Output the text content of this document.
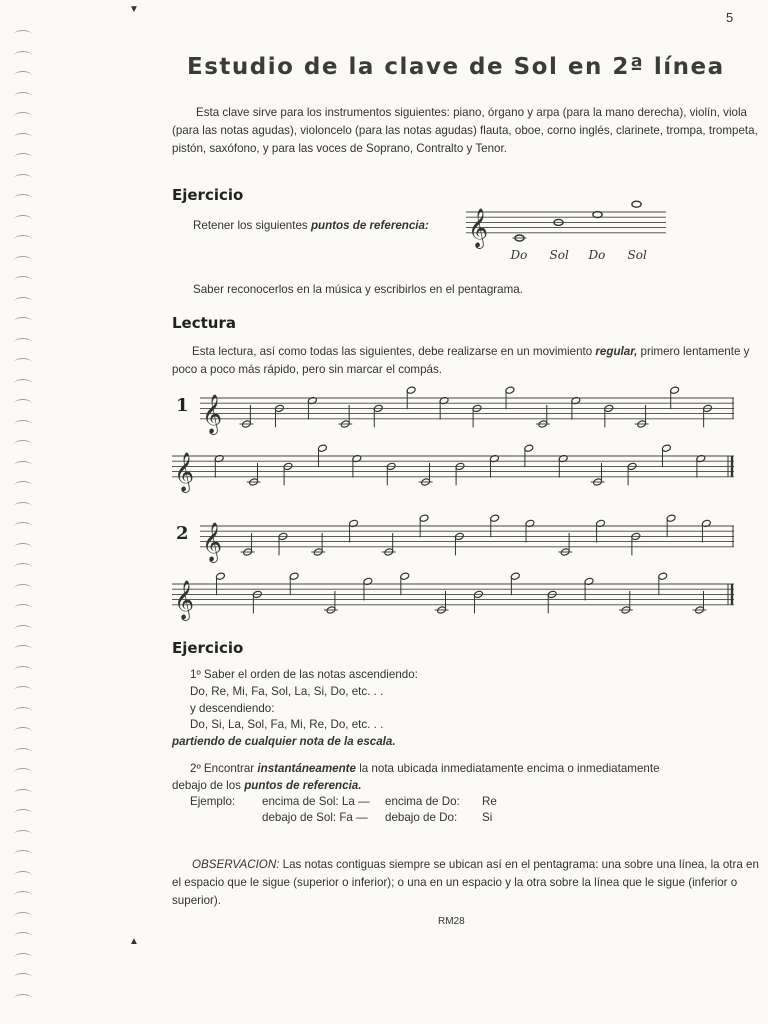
5
▼
Estudio de la clave de Sol en 2ª línea
Esta clave sirve para los instrumentos siguientes: piano, órgano y arpa (para la mano derecha), violín, viola (para las notas agudas), violoncelo (para las notas agudas) flauta, oboe, corno inglés, clarinete, trompa, trompeta, pistón, saxófono, y para las voces de Soprano, Contralto y Tenor.
Ejercicio
Retener los siguientes puntos de referencia: 𝄞
Do Sol Do Sol
Saber reconocerlos en la música y escribirlos en el pentagrama.
Lectura
Esta lectura, así como todas las siguientes, debe realizarse en un movimiento regular, primero lentamente y poco a poco más rápido, pero sin marcar el compás.
1 𝄞
𝄞
2 𝄞
𝄞
Ejercicio
1º Saber el orden de las notas ascendiendo:
Do, Re, Mi, Fa, Sol, La, Si, Do, etc. . .
y descendiendo:
Do, Si, La, Sol, Fa, Mi, Re, Do, etc. . .
partiendo de cualquier nota de la escala.
2º Encontrar instantáneamente la nota ubicada inmediatamente encima o inmediatamente
debajo de los puntos de referencia.
Ejemplo: encima de Sol: La — encima de Do: Re
debajo de Sol: Fa — debajo de Do: Si
OBSERVACION: Las notas contiguas siempre se ubican así en el pentagrama: una sobre una línea, la otra en el espacio que le sigue (superior o inferior); o una en un espacio y la otra sobre la línea que le sigue (inferior o superior).
RM28
▲
